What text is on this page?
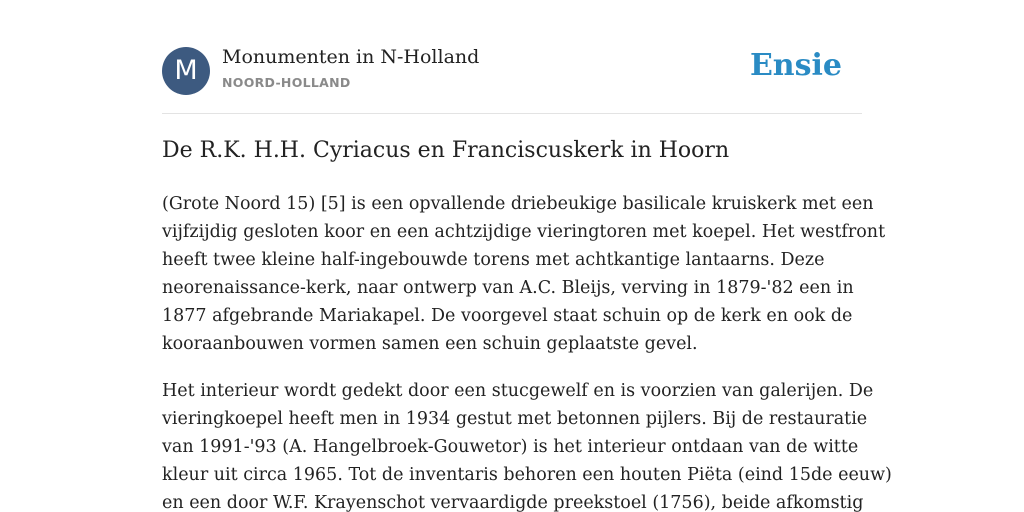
M	Monumenten in N-Holland
NOORD-HOLLAND	Ensie
De R.K. H.H. Cyriacus en Franciscuskerk in Hoorn

(Grote Noord 15) [5] is een opvallende driebeukige basilicale kruiskerk met een
vijfzijdig gesloten koor en een achtzijdige vieringtoren met koepel. Het westfront
heeft twee kleine half-ingebouwde torens met achtkantige lantaarns. Deze
neorenaissance-kerk, naar ontwerp van A.C. Bleijs, verving in 1879-'82 een in
1877 afgebrande Mariakapel. De voorgevel staat schuin op de kerk en ook de
kooraanbouwen vormen samen een schuin geplaatste gevel.

Het interieur wordt gedekt door een stucgewelf en is voorzien van galerijen. De
vieringkoepel heeft men in 1934 gestut met betonnen pijlers. Bij de restauratie
van 1991-'93 (A. Hangelbroek-Gouwetor) is het interieur ontdaan van de witte
kleur uit circa 1965. Tot de inventaris behoren een houten Piëta (eind 15de eeuw)
en een door W.F. Krayenschot vervaardigde preekstoel (1756), beide afkomstig
